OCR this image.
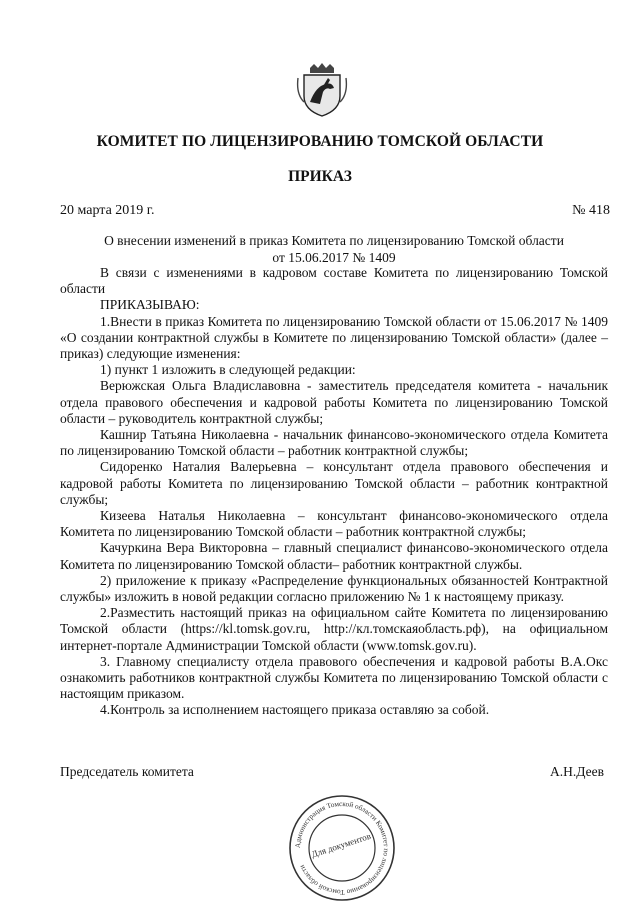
КОМИТЕТ ПО ЛИЦЕНЗИРОВАНИЮ ТОМСКОЙ ОБЛАСТИ
ПРИКАЗ
20 марта 2019 г.	№ 418
О внесении изменений в приказ Комитета по лицензированию Томской области
от 15.06.2017 № 1409

В связи с изменениями в кадровом составе Комитета по лицензированию Томской области

ПРИКАЗЫВАЮ:

1.Внести в приказ Комитета по лицензированию Томской области от 15.06.2017 № 1409 «О создании контрактной службы в Комитете по лицензированию Томской области» (далее – приказ) следующие изменения:

1) пункт 1 изложить в следующей редакции:

Верюжская Ольга Владиславовна - заместитель председателя комитета - начальник отдела правового обеспечения и кадровой работы Комитета по лицензированию Томской области – руководитель контрактной службы;

Кашнир Татьяна Николаевна - начальник финансово-экономического отдела Комитета по лицензированию Томской области – работник контрактной службы;

Сидоренко Наталия Валерьевна – консультант отдела правового обеспечения и кадровой работы Комитета по лицензированию Томской области – работник контрактной службы;

Кизеева Наталья Николаевна – консультант финансово-экономического отдела Комитета по лицензированию Томской области – работник контрактной службы;

Качуркина Вера Викторовна – главный специалист финансово-экономического отдела Комитета по лицензированию Томской области– работник контрактной службы.

2) приложение к приказу «Распределение функциональных обязанностей Контрактной службы» изложить в новой редакции согласно приложению № 1 к настоящему приказу.

2.Разместить настоящий приказ на официальном сайте Комитета по лицензированию Томской области (https://kl.tomsk.gov.ru, http://кл.томскаяобласть.рф), на официальном интернет-портале Администрации Томской области (www.tomsk.gov.ru).

3. Главному специалисту отдела правового обеспечения и кадровой работы В.А.Окс ознакомить работников контрактной службы Комитета по лицензированию Томской области с настоящим приказом.

4.Контроль за исполнением настоящего приказа оставляю за собой.

Председатель комитета	А.Н.Деев
Администрация Томской области Комитет по лицензированию Томской области
Для документов
